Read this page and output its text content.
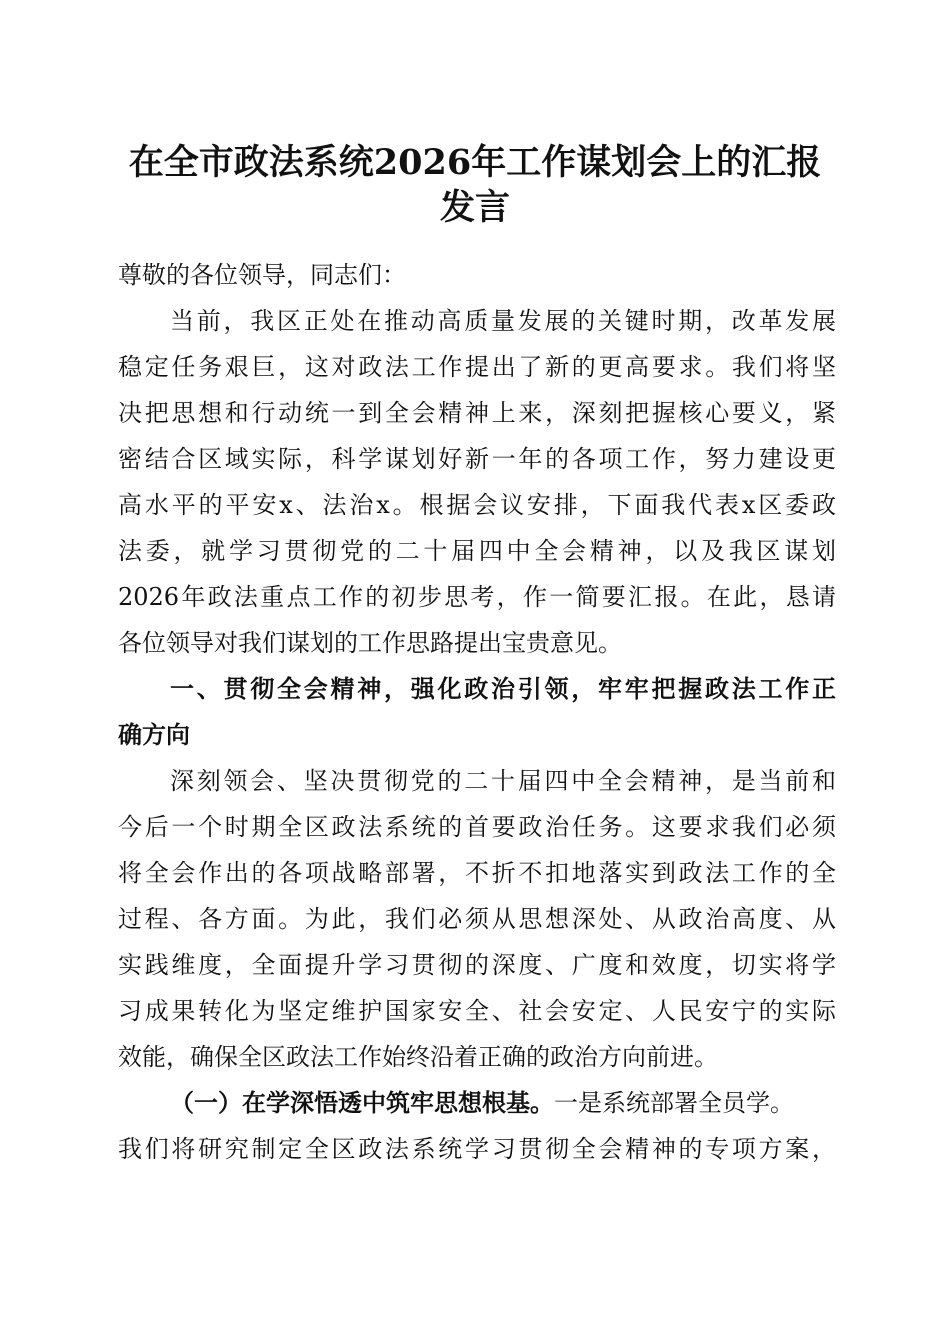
在全市政法系统2026年工作谋划会上的汇报
发言
尊敬的各位领导，同志们：
当前，我区正处在推动高质量发展的关键时期，改革发展
稳定任务艰巨，这对政法工作提出了新的更高要求。我们将坚
决把思想和行动统一到全会精神上来，深刻把握核心要义，紧
密结合区域实际，科学谋划好新一年的各项工作，努力建设更
高水平的平安x、法治x。根据会议安排，下面我代表x区委政
法委，就学习贯彻党的二十届四中全会精神，以及我区谋划
2026年政法重点工作的初步思考，作一简要汇报。在此，恳请
各位领导对我们谋划的工作思路提出宝贵意见。
一、贯彻全会精神，强化政治引领，牢牢把握政法工作正
确方向
深刻领会、坚决贯彻党的二十届四中全会精神，是当前和
今后一个时期全区政法系统的首要政治任务。这要求我们必须
将全会作出的各项战略部署，不折不扣地落实到政法工作的全
过程、各方面。为此，我们必须从思想深处、从政治高度、从
实践维度，全面提升学习贯彻的深度、广度和效度，切实将学
习成果转化为坚定维护国家安全、社会安定、人民安宁的实际
效能，确保全区政法工作始终沿着正确的政治方向前进。
（一）在学深悟透中筑牢思想根基。一是系统部署全员学。
我们将研究制定全区政法系统学习贯彻全会精神的专项方案，
